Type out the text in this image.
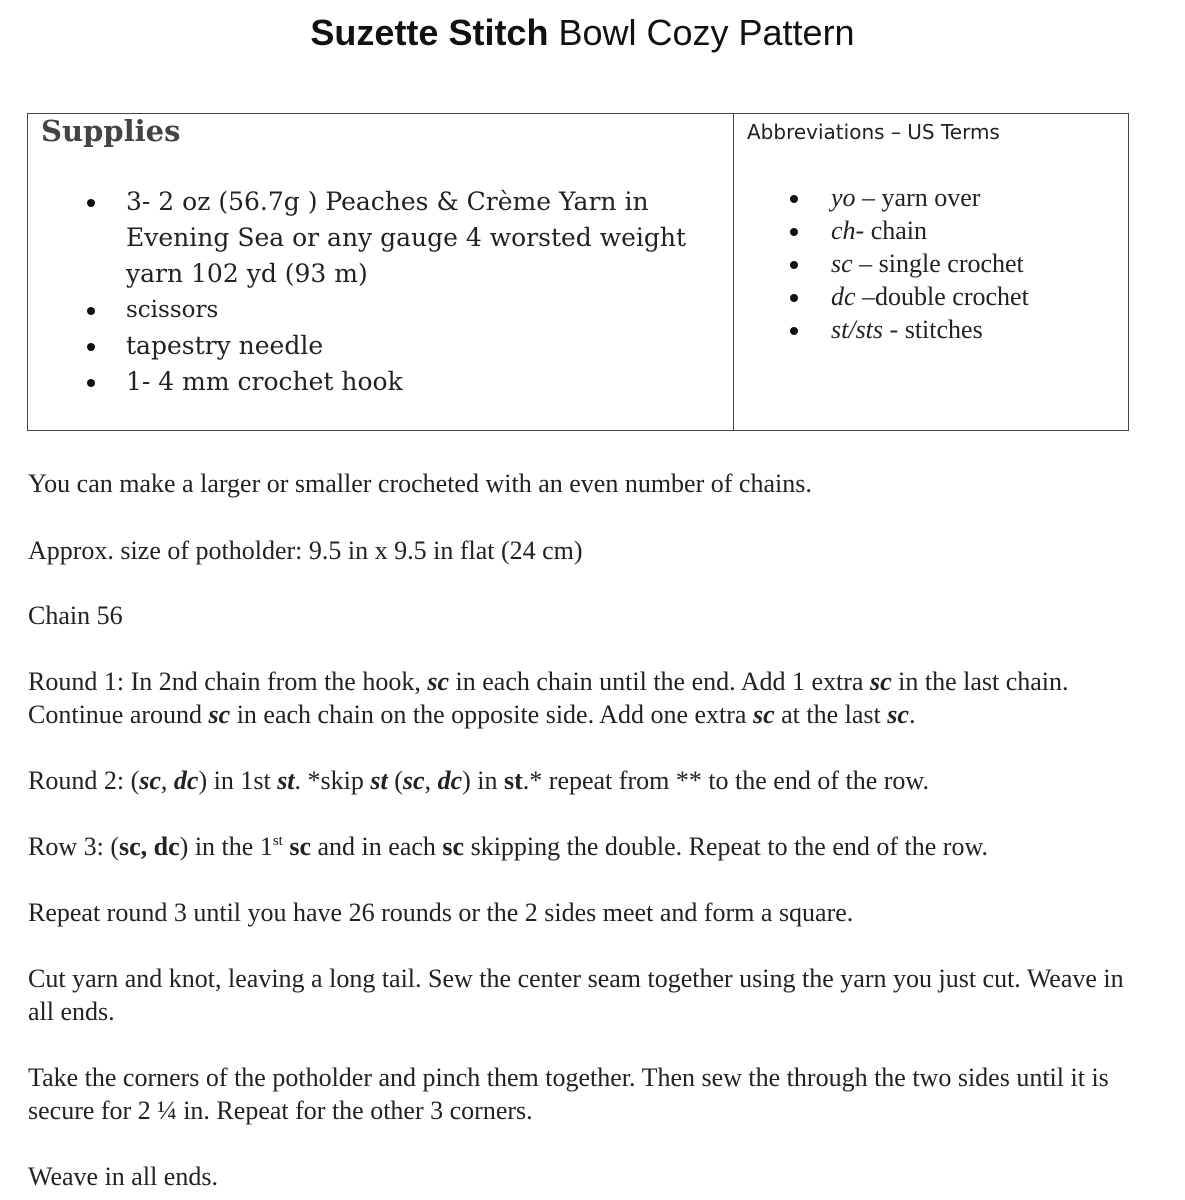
Suzette Stitch Bowl Cozy Pattern
Supplies
3- 2 oz (56.7g ) Peaches & Crème Yarn in Evening Sea or any gauge 4 worsted weight yarn 102 yd (93 m)
scissors
tapestry needle
1- 4 mm crochet hook
Abbreviations – US Terms
yo – yarn over
ch- chain
sc – single crochet
dc –double crochet
st/sts - stitches
You can make a larger or smaller crocheted with an even number of chains.
Approx. size of potholder: 9.5 in x 9.5 in flat (24 cm)
Chain 56
Round 1: In 2nd chain from the hook, sc in each chain until the end. Add 1 extra sc in the last chain. Continue around sc in each chain on the opposite side. Add one extra sc at the last sc.
Round 2: (sc, dc) in 1st st. *skip st (sc, dc) in st.* repeat from ** to the end of the row.
Row 3: (sc, dc) in the 1st sc and in each sc skipping the double. Repeat to the end of the row.
Repeat round 3 until you have 26 rounds or the 2 sides meet and form a square.
Cut yarn and knot, leaving a long tail. Sew the center seam together using the yarn you just cut. Weave in all ends.
Take the corners of the potholder and pinch them together. Then sew the through the two sides until it is secure for 2 ¼ in. Repeat for the other 3 corners.
Weave in all ends.
